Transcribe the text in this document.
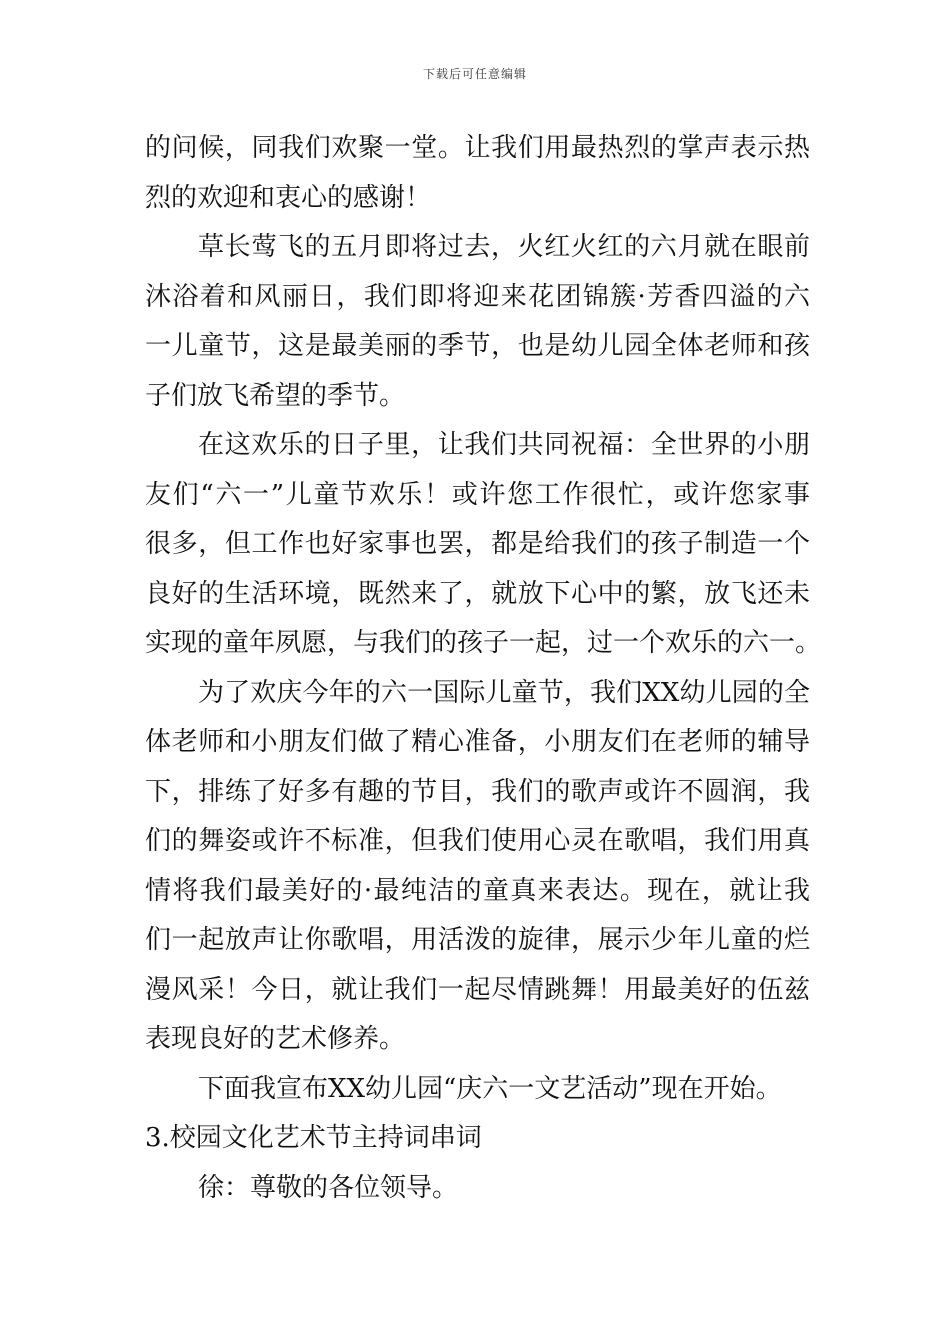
下载后可任意编辑
的问候，同我们欢聚一堂。让我们用最热烈的掌声表示热
烈的欢迎和衷心的感谢！
草长莺飞的五月即将过去，火红火红的六月就在眼前
沐浴着和风丽日，我们即将迎来花团锦簇·芳香四溢的六
一儿童节，这是最美丽的季节，也是幼儿园全体老师和孩
子们放飞希望的季节。
在这欢乐的日子里，让我们共同祝福：全世界的小朋
友们“六一”儿童节欢乐！或许您工作很忙，或许您家事
很多，但工作也好家事也罢，都是给我们的孩子制造一个
良好的生活环境，既然来了，就放下心中的繁，放飞还未
实现的童年夙愿，与我们的孩子一起，过一个欢乐的六一。
为了欢庆今年的六一国际儿童节，我们XX幼儿园的全
体老师和小朋友们做了精心准备，小朋友们在老师的辅导
下，排练了好多有趣的节目，我们的歌声或许不圆润，我
们的舞姿或许不标准，但我们使用心灵在歌唱，我们用真
情将我们最美好的·最纯洁的童真来表达。现在，就让我
们一起放声让你歌唱，用活泼的旋律，展示少年儿童的烂
漫风采！今日，就让我们一起尽情跳舞！用最美好的伍兹
表现良好的艺术修养。
下面我宣布XX幼儿园“庆六一文艺活动”现在开始。
3.校园文化艺术节主持词串词
徐：尊敬的各位领导。
